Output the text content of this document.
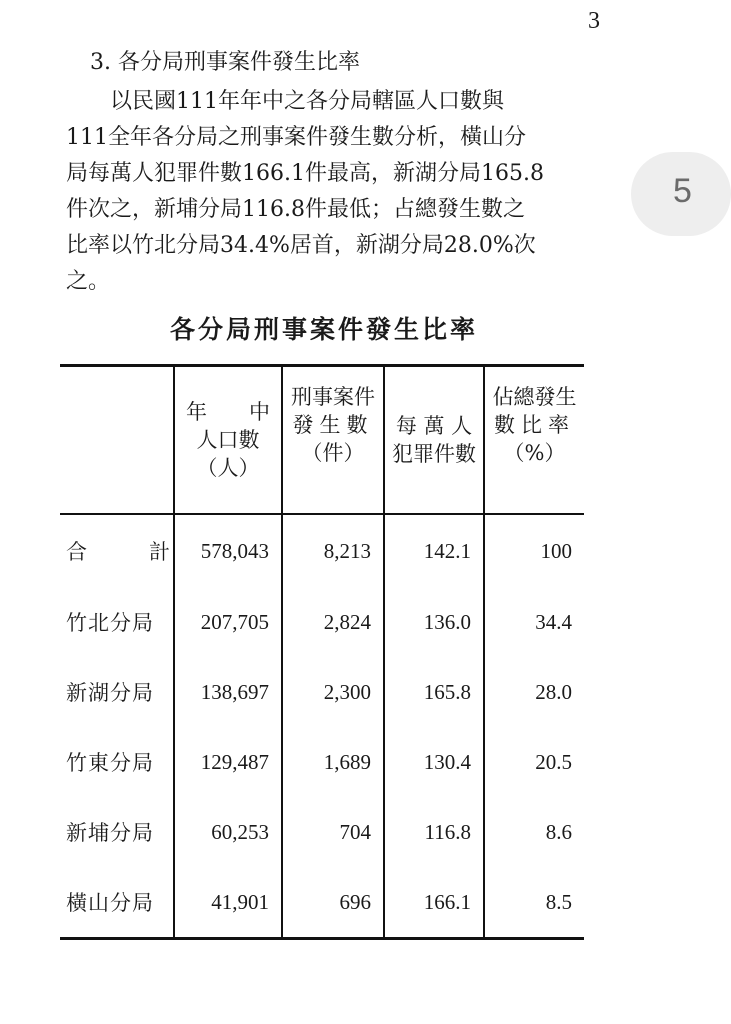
3
5
3. 各分局刑事案件發生比率

　　以民國111年年中之各分局轄區人口數與
111全年各分局之刑事案件發生數分析，橫山分
局每萬人犯罪件數166.1件最高，新湖分局165.8
件次之，新埔分局116.8件最低；占總發生數之
比率以竹北分局34.4%居首，新湖分局28.0%次
之。

各分局刑事案件發生比率

	年　　中
人口數
（人）	刑事案件
發生數
（件）	每 萬 人
犯罪件數	佔總發生
數比率
（%）

合計	578,043	8,213	142.1	100
竹北分局	207,705	2,824	136.0	34.4
新湖分局	138,697	2,300	165.8	28.0
竹東分局	129,487	1,689	130.4	20.5
新埔分局	60,253	704	116.8	8.6
橫山分局	41,901	696	166.1	8.5
